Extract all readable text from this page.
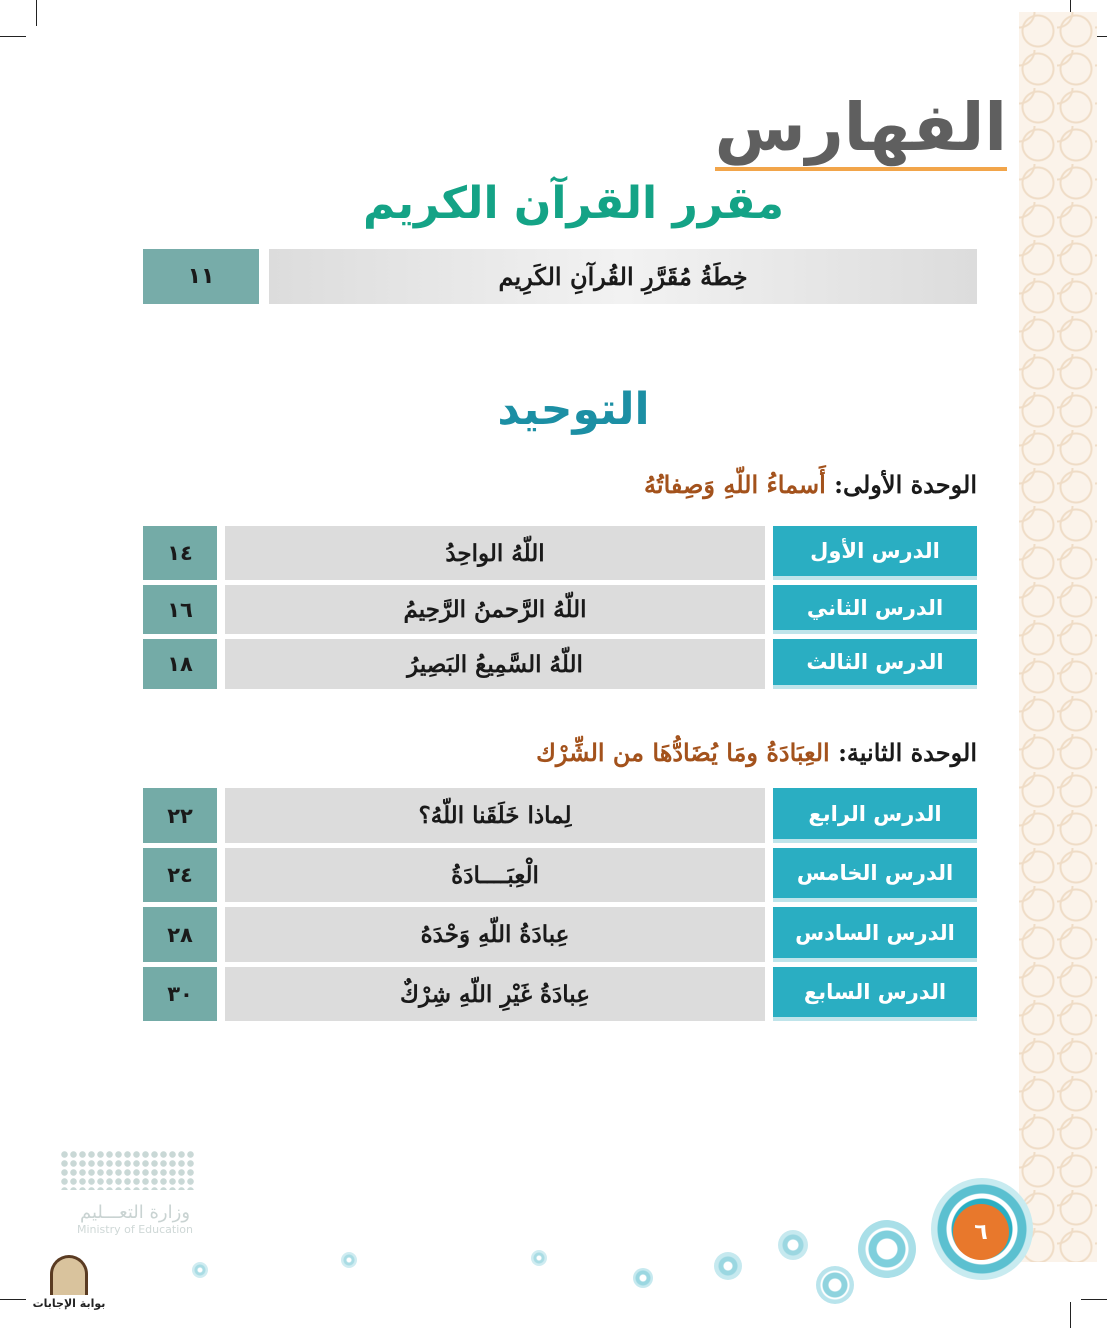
الفهارس
مقرر القرآن الكريم
خِطَةُ مُقَرَّرِ القُرآنِ الكَرِيم
١١
التوحيد
الوحدة الأولى: أَسماءُ اللّهِ وَصِفاتُهُ
الدرس الأول
اللّهُ الواحِدُ
١٤
الدرس الثاني
اللّهُ الرَّحمنُ الرَّحِيمُ
١٦
الدرس الثالث
اللّهُ السَّمِيعُ البَصِيرُ
١٨
الوحدة الثانية: العِبَادَةُ ومَا يُضَادُّهَا من الشِّرْك
الدرس الرابع
لِماذا خَلَقَنا اللّهُ؟
٢٢
الدرس الخامس
الْعِبَــــادَةُ
٢٤
الدرس السادس
عِبادَةُ اللّهِ وَحْدَهُ
٢٨
الدرس السابع
عِبادَةُ غَيْرِ اللّهِ شِرْكٌ
٣٠
٦
وزارة التعـــليم
Ministry of Education
بوابة الإجابات
